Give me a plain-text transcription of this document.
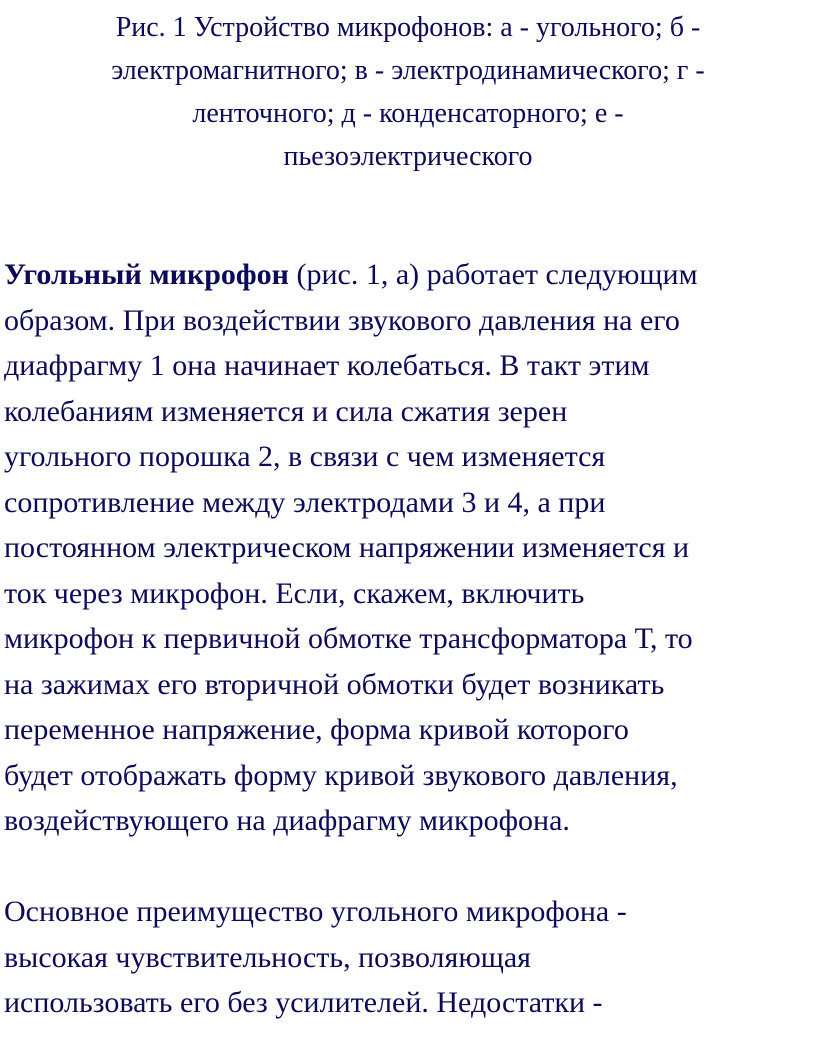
Рис. 1 Устройство микрофонов: а - угольного; б -
электромагнитного; в - электродинамического; г -
ленточного; д - конденсаторного; е -
пьезоэлектрического
Угольный микрофон (рис. 1, а) работает следующим
образом. При воздействии звукового давления на его
диафрагму 1 она начинает колебаться. В такт этим
колебаниям изменяется и сила сжатия зерен
угольного порошка 2, в связи с чем изменяется
сопротивление между электродами 3 и 4, а при
постоянном электрическом напряжении изменяется и
ток через микрофон. Если, скажем, включить
микрофон к первичной обмотке трансформатора Т, то
на зажимах его вторичной обмотки будет возникать
переменное напряжение, форма кривой которого
будет отображать форму кривой звукового давления,
воздействующего на диафрагму микрофона.
Основное преимущество угольного микрофона -
высокая чувствительность, позволяющая
использовать его без усилителей. Недостатки -
